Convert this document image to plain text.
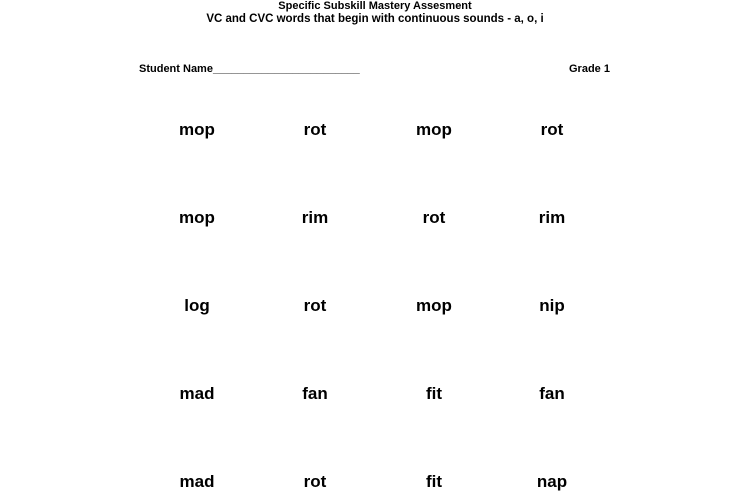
Specific Subskill Mastery Assesment
VC and CVC words that begin with continuous sounds - a, o, i
Student Name________________________	Grade 1
mop	rot	mop	rot
mop	rim	rot	rim
log	rot	mop	nip
mad	fan	fit	fan
mad	rot	fit	nap
